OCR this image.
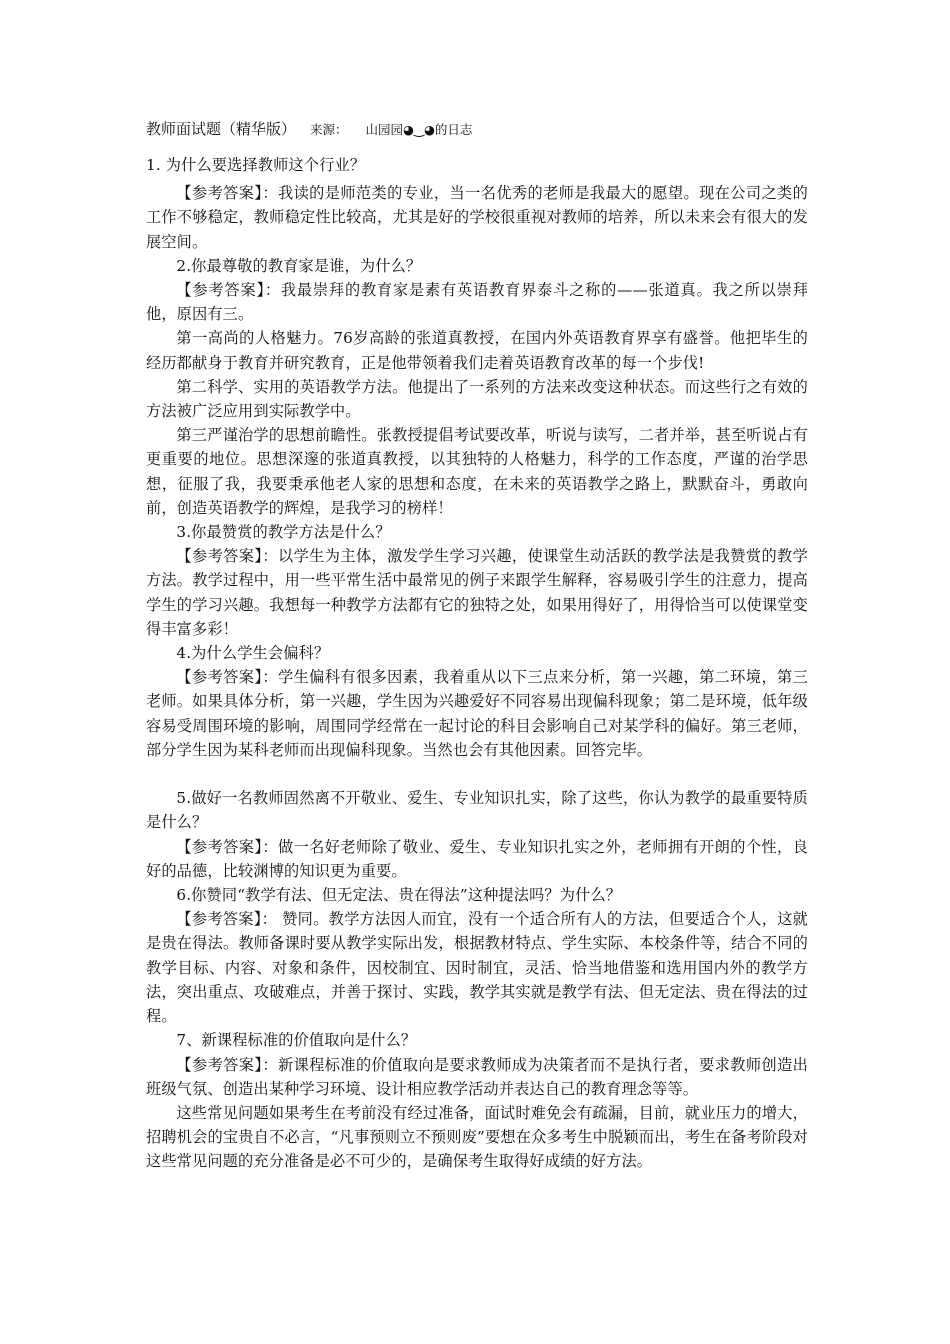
教师面试题（精华版） 来源： 山园园◕‿◕的日志

1. 为什么要选择教师这个行业？

【参考答案】：我读的是师范类的专业，当一名优秀的老师是我最大的愿望。现在公司之类的工作不够稳定，教师稳定性比较高，尤其是好的学校很重视对教师的培养，所以未来会有很大的发展空间。

2.你最尊敬的教育家是谁，为什么？

【参考答案】：我最崇拜的教育家是素有英语教育界泰斗之称的——张道真。我之所以崇拜他，原因有三。

第一高尚的人格魅力。76岁高龄的张道真教授，在国内外英语教育界享有盛誉。他把毕生的经历都献身于教育并研究教育，正是他带领着我们走着英语教育改革的每一个步伐!

第二科学、实用的英语教学方法。他提出了一系列的方法来改变这种状态。而这些行之有效的方法被广泛应用到实际教学中。

第三严谨治学的思想前瞻性。张教授提倡考试要改革，听说与读写，二者并举，甚至听说占有更重要的地位。思想深邃的张道真教授，以其独特的人格魅力，科学的工作态度，严谨的治学思想，征服了我，我要秉承他老人家的思想和态度，在未来的英语教学之路上，默默奋斗，勇敢向前，创造英语教学的辉煌，是我学习的榜样！

3.你最赞赏的教学方法是什么？

【参考答案】：以学生为主体，激发学生学习兴趣，使课堂生动活跃的教学法是我赞赏的教学方法。教学过程中，用一些平常生活中最常见的例子来跟学生解释，容易吸引学生的注意力，提高学生的学习兴趣。我想每一种教学方法都有它的独特之处，如果用得好了，用得恰当可以使课堂变得丰富多彩！

4.为什么学生会偏科？

【参考答案】：学生偏科有很多因素，我着重从以下三点来分析，第一兴趣，第二环境，第三老师。如果具体分析，第一兴趣，学生因为兴趣爱好不同容易出现偏科现象；第二是环境，低年级容易受周围环境的影响，周围同学经常在一起讨论的科目会影响自己对某学科的偏好。第三老师，部分学生因为某科老师而出现偏科现象。当然也会有其他因素。回答完毕。

5.做好一名教师固然离不开敬业、爱生、专业知识扎实，除了这些，你认为教学的最重要特质是什么？

【参考答案】：做一名好老师除了敬业、爱生、专业知识扎实之外，老师拥有开朗的个性，良好的品德，比较渊博的知识更为重要。

6.你赞同“教学有法、但无定法、贵在得法”这种提法吗？为什么？

【参考答案】： 赞同。教学方法因人而宜，没有一个适合所有人的方法，但要适合个人，这就是贵在得法。教师备课时要从教学实际出发，根据教材特点、学生实际、本校条件等，结合不同的教学目标、内容、对象和条件，因校制宜、因时制宜，灵活、恰当地借鉴和选用国内外的教学方法，突出重点、攻破难点，并善于探讨、实践，教学其实就是教学有法、但无定法、贵在得法的过程。

7、新课程标准的价值取向是什么？

【参考答案】：新课程标准的价值取向是要求教师成为决策者而不是执行者，要求教师创造出班级气氛、创造出某种学习环境、设计相应教学活动并表达自己的教育理念等等。

这些常见问题如果考生在考前没有经过准备，面试时难免会有疏漏，目前，就业压力的增大，招聘机会的宝贵自不必言，“凡事预则立不预则废”要想在众多考生中脱颖而出，考生在备考阶段对这些常见问题的充分准备是必不可少的，是确保考生取得好成绩的好方法。
